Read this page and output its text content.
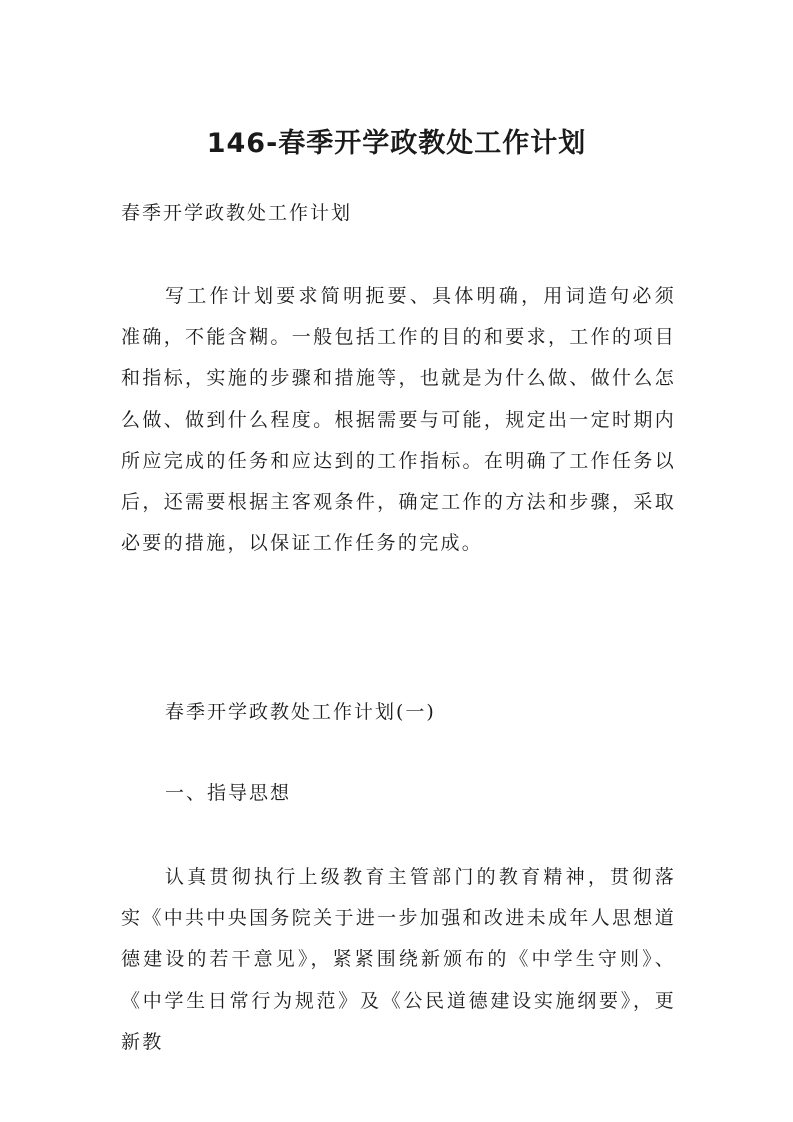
146-春季开学政教处工作计划
春季开学政教处工作计划
写工作计划要求简明扼要、具体明确，用词造句必须准确，不能含糊。一般包括工作的目的和要求，工作的项目和指标，实施的步骤和措施等，也就是为什么做、做什么怎么做、做到什么程度。根据需要与可能，规定出一定时期内所应完成的任务和应达到的工作指标。在明确了工作任务以后，还需要根据主客观条件，确定工作的方法和步骤，采取必要的措施，以保证工作任务的完成。
春季开学政教处工作计划(一)
一、指导思想
认真贯彻执行上级教育主管部门的教育精神，贯彻落实《中共中央国务院关于进一步加强和改进未成年人思想道德建设的若干意见》，紧紧围绕新颁布的《中学生守则》、《中学生日常行为规范》及《公民道德建设实施纲要》，更新教
